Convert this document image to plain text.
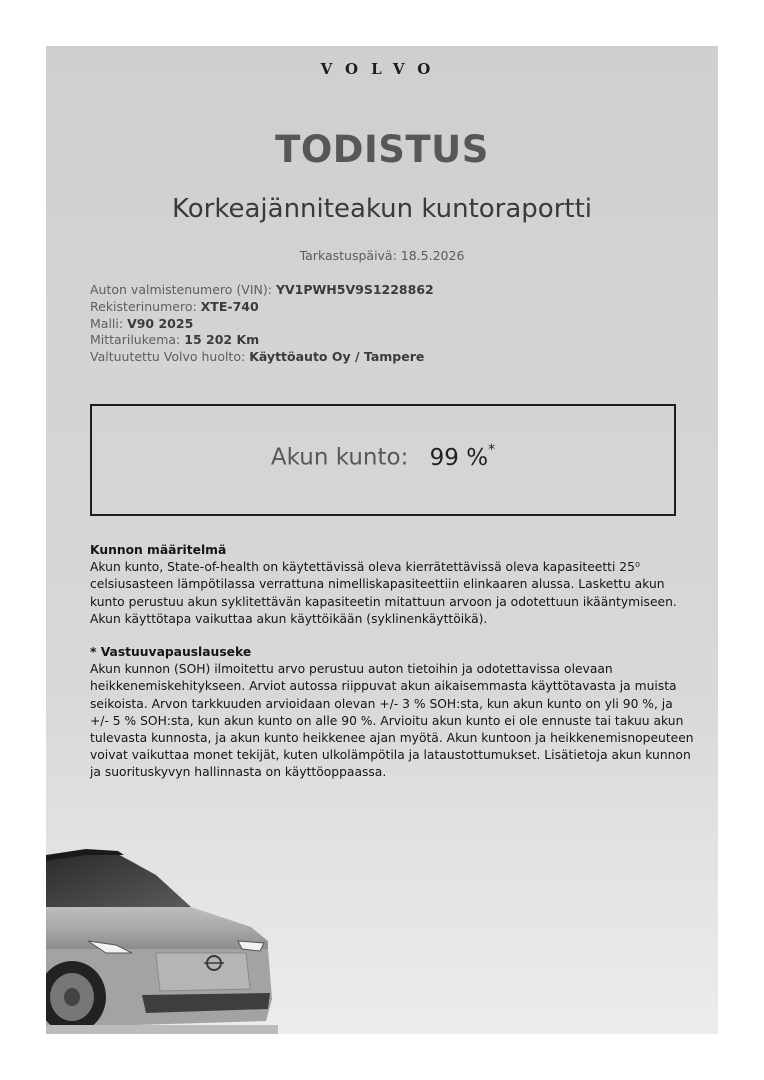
VOLVO
TODISTUS
Korkeajänniteakun kuntoraportti
Tarkastuspäivä: 18.5.2026
Auton valmistenumero (VIN): YV1PWH5V9S1228862
Rekisterinumero: XTE-740
Malli: V90 2025
Mittarilukema: 15 202 Km
Valtuutettu Volvo huolto: Käyttöauto Oy / Tampere
Akun kunto: 99 %*
Kunnon määritelmä
Akun kunto, State-of-health on käytettävissä oleva kierrätettävissä oleva kapasiteetti 25⁰ celsiusasteen lämpötilassa verrattuna nimelliskapasiteettiin elinkaaren alussa. Laskettu akun kunto perustuu akun syklitettävän kapasiteetin mitattuun arvoon ja odotettuun ikääntymiseen. Akun käyttötapa vaikuttaa akun käyttöikään (syklinenkäyttöikä).
* Vastuuvapauslauseke
Akun kunnon (SOH) ilmoitettu arvo perustuu auton tietoihin ja odotettavissa olevaan heikkenemiskehitykseen. Arviot autossa riippuvat akun aikaisemmasta käyttötavasta ja muista seikoista. Arvon tarkkuuden arvioidaan olevan +/- 3 % SOH:sta, kun akun kunto on yli 90 %, ja +/- 5 % SOH:sta, kun akun kunto on alle 90 %. Arvioitu akun kunto ei ole ennuste tai takuu akun tulevasta kunnosta, ja akun kunto heikkenee ajan myötä. Akun kuntoon ja heikkenemisnopeuteen voivat vaikuttaa monet tekijät, kuten ulkolämpötila ja lataustottumukset. Lisätietoja akun kunnon ja suorituskyvyn hallinnasta on käyttöoppaassa.
